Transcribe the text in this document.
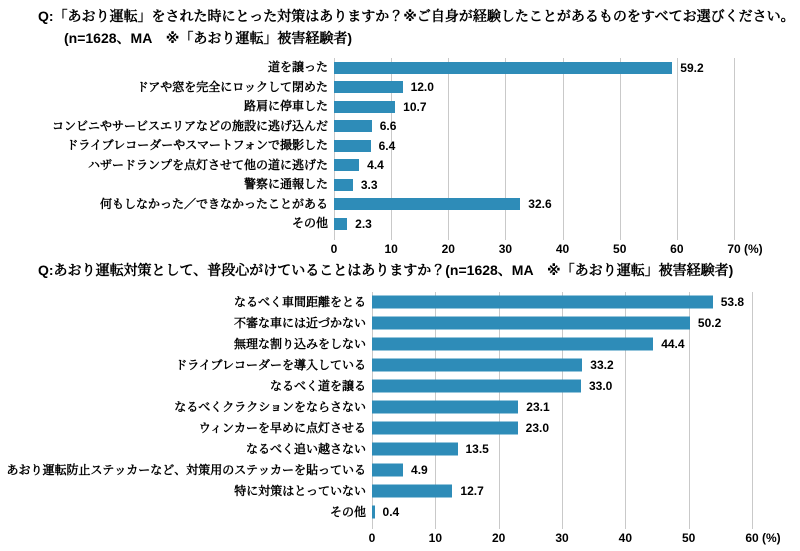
Q:「あおり運転」をされた時にとった対策はありますか？※ご自身が経験したことがあるものをすべてお選びください。
(n=1628、MA　※「あおり運転」被害経験者)
道を譲った	59.2
ドアや窓を完全にロックして閉めた	12.0
路肩に停車した	10.7
コンビニやサービスエリアなどの施設に逃げ込んだ	6.6
ドライブレコーダーやスマートフォンで撮影した	6.4
ハザードランプを点灯させて他の道に逃げた	4.4
警察に通報した	3.3
何もしなかった／できなかったことがある	32.6
その他	2.3
0	10	20	30	40	50	60	70 (%)
Q:あおり運転対策として、普段心がけていることはありますか？(n=1628、MA　※「あおり運転」被害経験者)
なるべく車間距離をとる	53.8
不審な車には近づかない	50.2
無理な割り込みをしない	44.4
ドライブレコーダーを導入している	33.2
なるべく道を譲る	33.0
なるべくクラクションをならさない	23.1
ウィンカーを早めに点灯させる	23.0
なるべく追い越さない	13.5
あおり運転防止ステッカーなど、対策用のステッカーを貼っている	4.9
特に対策はとっていない	12.7
その他	0.4
0	10	20	30	40	50	60 (%)
